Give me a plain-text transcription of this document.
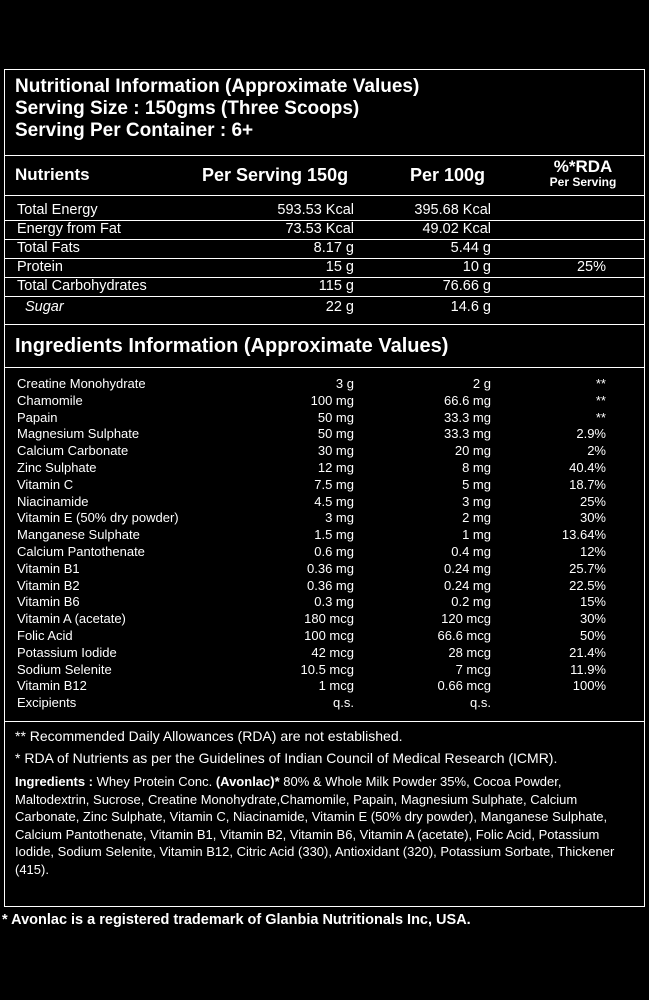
Nutritional Information (Approximate Values)
Serving Size : 150gms (Three Scoops)
Serving Per Container : 6+
Nutrients	Per Serving 150g	Per 100g	%*RDA
Per Serving
Total Energy	593.53 Kcal	395.68 Kcal
Energy from Fat	73.53 Kcal	49.02 Kcal
Total Fats	8.17 g	5.44 g
Protein	15 g	10 g	25%
Total Carbohydrates	115 g	76.66 g
Sugar	22 g	14.6 g
Ingredients Information (Approximate Values)
Creatine Monohydrate	3 g	2 g	**
Chamomile	100 mg	66.6 mg	**
Papain	50 mg	33.3 mg	**
Magnesium Sulphate	50 mg	33.3 mg	2.9%
Calcium Carbonate	30 mg	20 mg	2%
Zinc Sulphate	12 mg	8 mg	40.4%
Vitamin C	7.5 mg	5 mg	18.7%
Niacinamide	4.5 mg	3 mg	25%
Vitamin E (50% dry powder)	3 mg	2 mg	30%
Manganese Sulphate	1.5 mg	1 mg	13.64%
Calcium Pantothenate	0.6 mg	0.4 mg	12%
Vitamin B1	0.36 mg	0.24 mg	25.7%
Vitamin B2	0.36 mg	0.24 mg	22.5%
Vitamin B6	0.3 mg	0.2 mg	15%
Vitamin A (acetate)	180 mcg	120 mcg	30%
Folic Acid	100 mcg	66.6 mcg	50%
Potassium Iodide	42 mcg	28 mcg	21.4%
Sodium Selenite	10.5 mcg	7 mcg	11.9%
Vitamin B12	1 mcg	0.66 mcg	100%
Excipients	q.s.	q.s.
** Recommended Daily Allowances (RDA) are not established.
* RDA of Nutrients as per the Guidelines of Indian Council of Medical Research (ICMR).
Ingredients : Whey Protein Conc. (Avonlac)* 80% & Whole Milk Powder 35%, Cocoa Powder, Maltodextrin, Sucrose, Creatine Monohydrate,Chamomile, Papain, Magnesium Sulphate, Calcium Carbonate, Zinc Sulphate, Vitamin C, Niacinamide, Vitamin E (50% dry powder), Manganese Sulphate, Calcium Pantothenate, Vitamin B1, Vitamin B2, Vitamin B6, Vitamin A (acetate), Folic Acid, Potassium Iodide, Sodium Selenite, Vitamin B12, Citric Acid (330), Antioxidant (320), Potassium Sorbate, Thickener (415).
* Avonlac is a registered trademark of Glanbia Nutritionals Inc, USA.
